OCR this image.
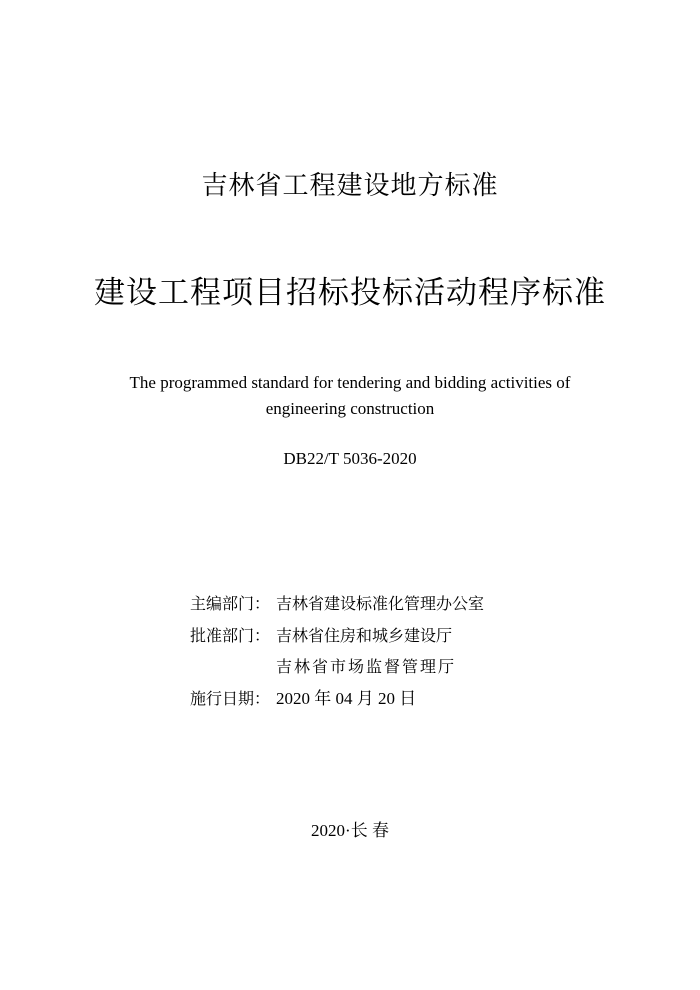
吉林省工程建设地方标准
建设工程项目招标投标活动程序标准
The programmed standard for tendering and bidding activities of
engineering construction
DB22/T 5036-2020
主编部门： 吉林省建设标准化管理办公室
批准部门： 吉林省住房和城乡建设厅
吉林省市场监督管理厅
施行日期： 2020 年 04 月 20 日
2020·长 春
